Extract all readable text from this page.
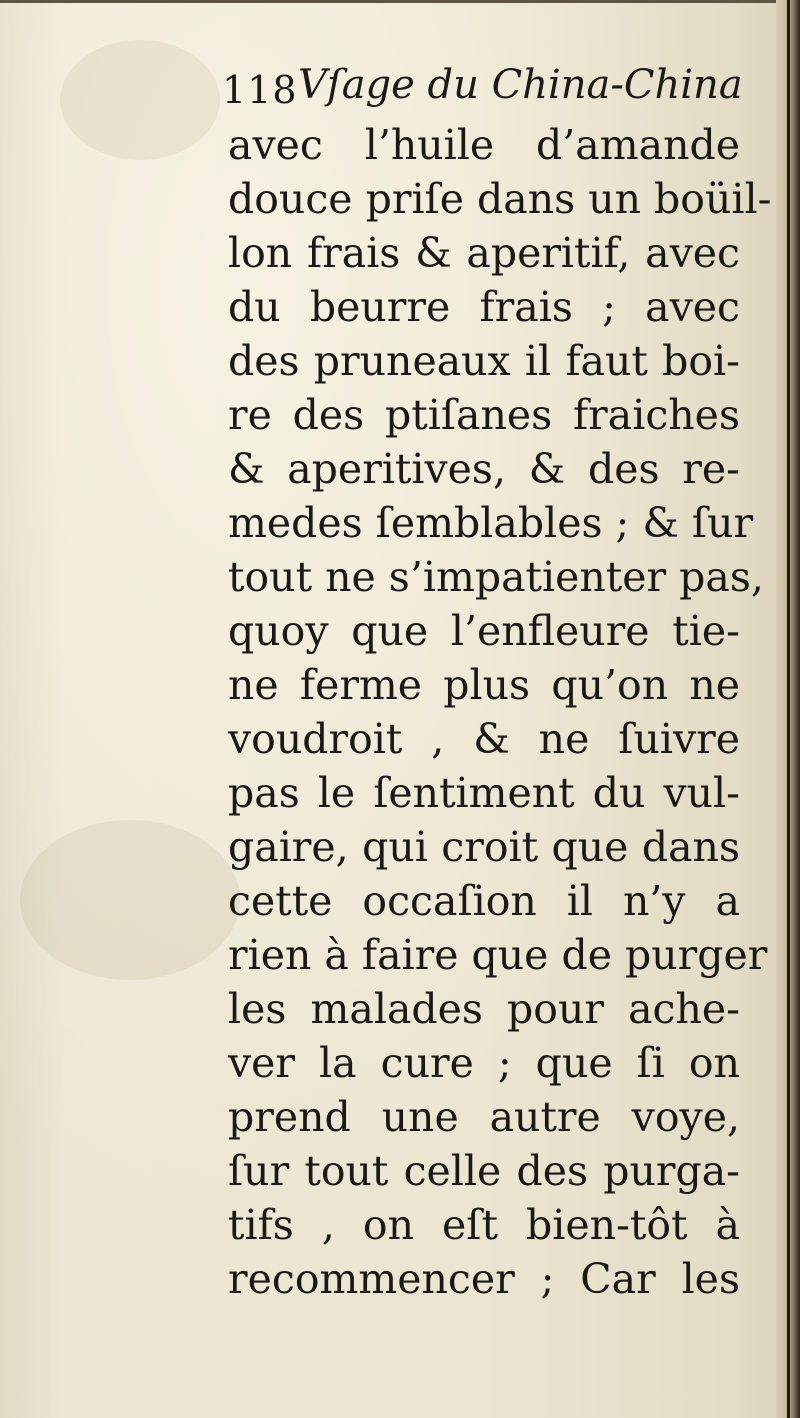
118 Vſage du China-China
avec l’huile d’amande
douce priſe dans un boüil-
lon frais & aperitif, avec
du beurre frais ; avec
des pruneaux il faut boi-
re des ptiſanes fraiches
& aperitives, & des re-
medes ſemblables ; & ſur
tout ne s’impatienter pas,
quoy que l’enfleure tie-
ne ferme plus qu’on ne
voudroit , & ne ſuivre
pas le ſentiment du vul-
gaire, qui croit que dans
cette occaſion il n’y a
rien à faire que de purger
les malades pour ache-
ver la cure ; que ſi on
prend une autre voye,
ſur tout celle des purga-
tifs , on eſt bien-tôt à
recommencer ; Car les
